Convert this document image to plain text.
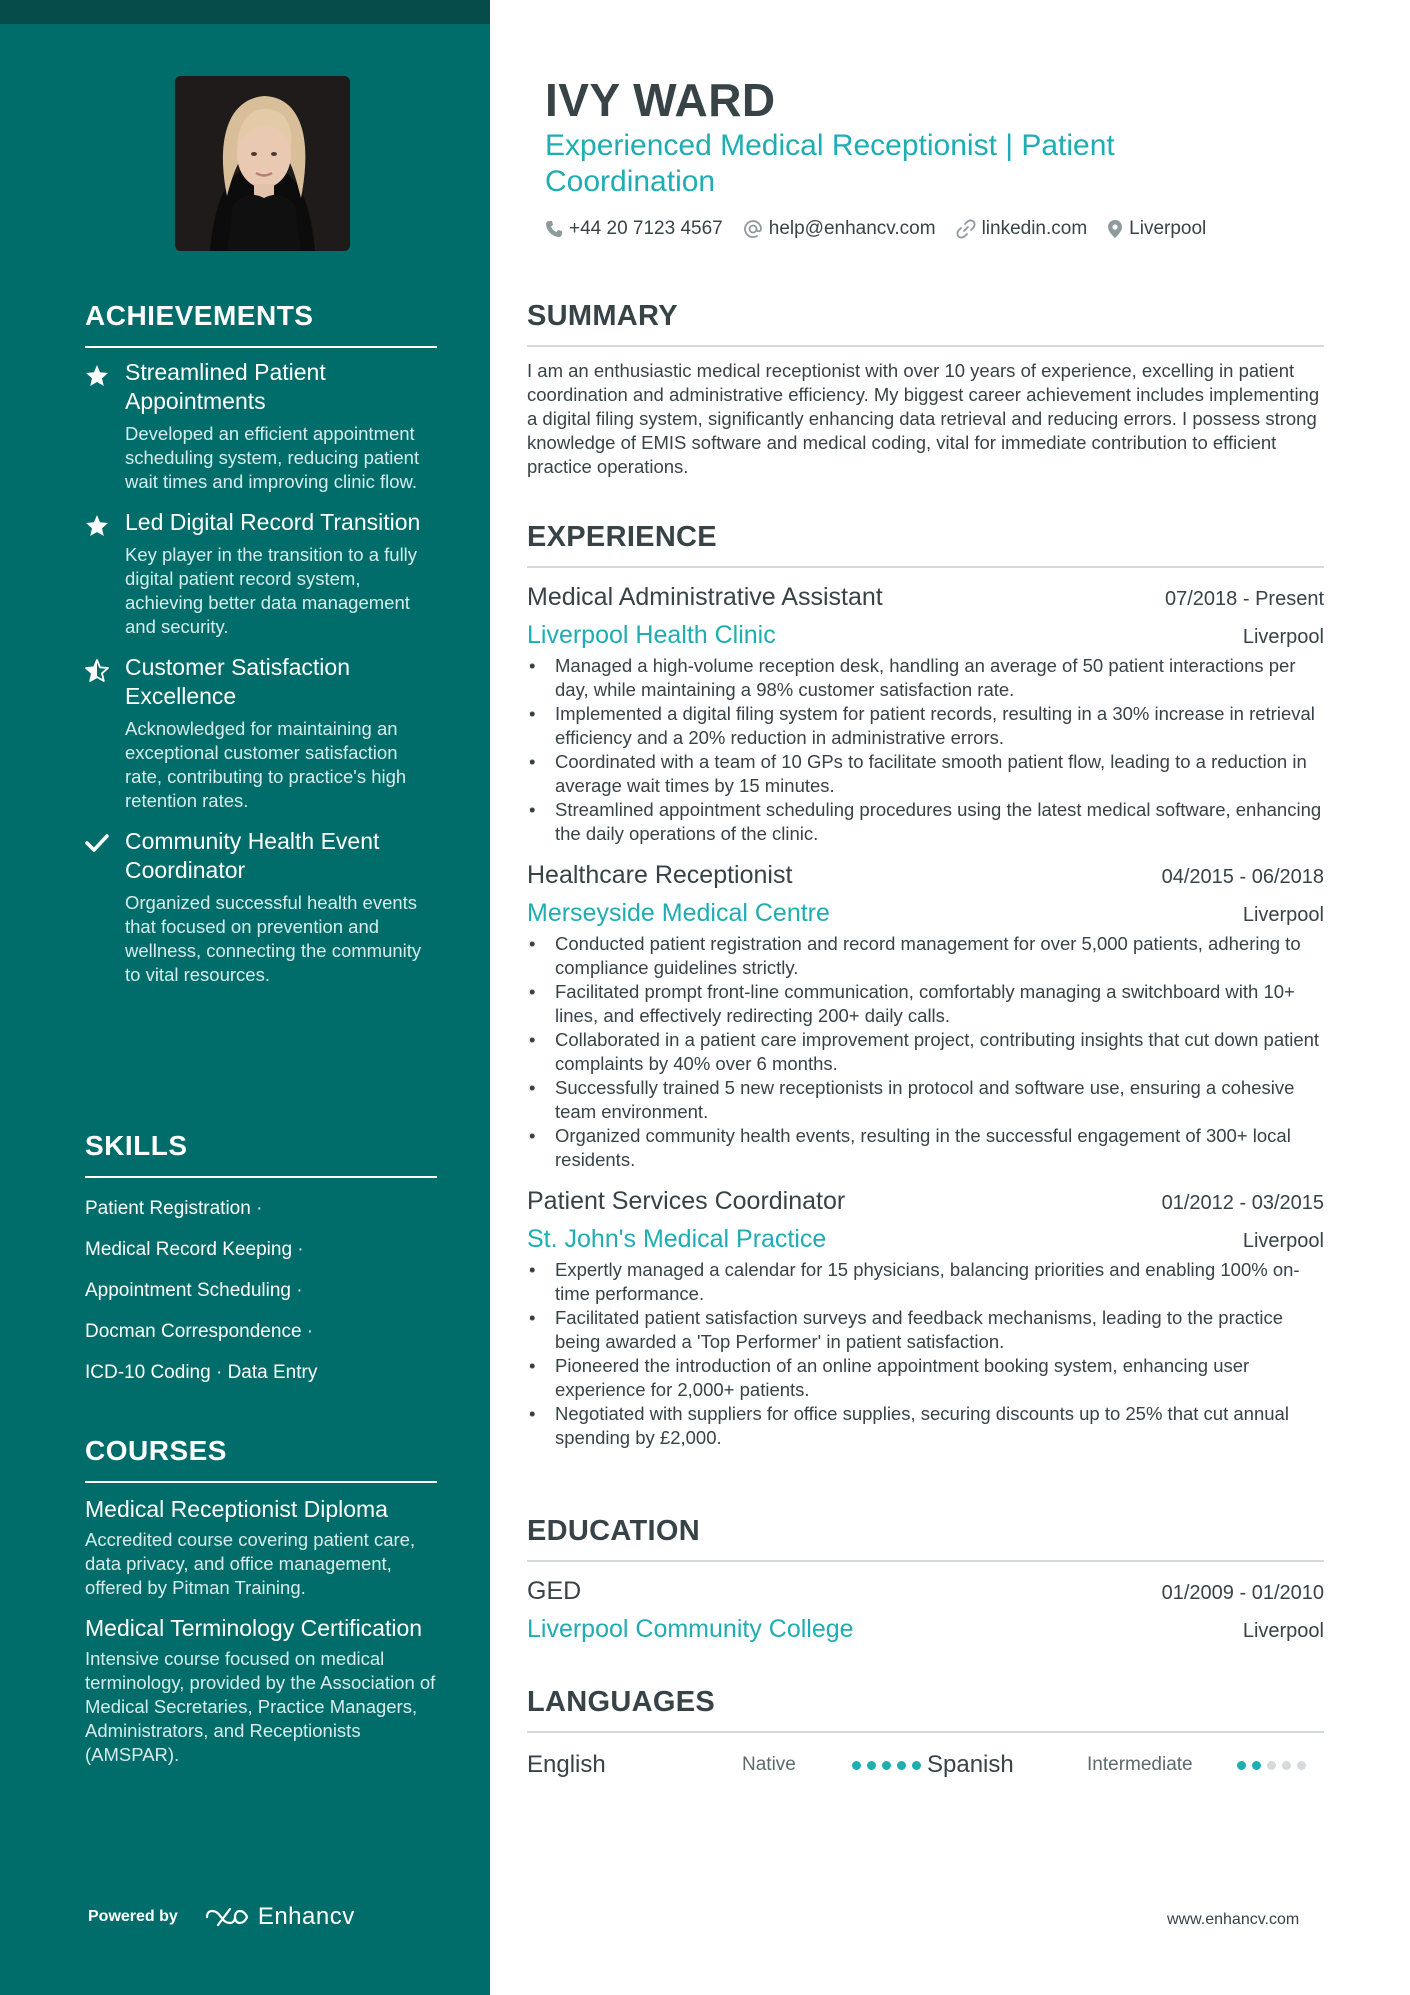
ACHIEVEMENTS
Streamlined Patient Appointments
Developed an efficient appointment scheduling system, reducing patient wait times and improving clinic flow.
Led Digital Record Transition
Key player in the transition to a fully digital patient record system, achieving better data management and security.
Customer Satisfaction Excellence
Acknowledged for maintaining an exceptional customer satisfaction rate, contributing to practice's high retention rates.
Community Health Event Coordinator
Organized successful health events that focused on prevention and wellness, connecting the community to vital resources.
SKILLS
Patient Registration ·
Medical Record Keeping ·
Appointment Scheduling ·
Docman Correspondence ·
ICD-10 Coding · Data Entry
COURSES
Medical Receptionist Diploma
Accredited course covering patient care, data privacy, and office management, offered by Pitman Training.
Medical Terminology Certification
Intensive course focused on medical terminology, provided by the Association of Medical Secretaries, Practice Managers, Administrators, and Receptionists (AMSPAR).
Powered by	Enhancv
IVY WARD
Experienced Medical Receptionist | Patient Coordination
+44 20 7123 4567 help@enhancv.com linkedin.com Liverpool
SUMMARY

I am an enthusiastic medical receptionist with over 10 years of experience, excelling in patient coordination and administrative efficiency. My biggest career achievement includes implementing a digital filing system, significantly enhancing data retrieval and reducing errors. I possess strong knowledge of EMIS software and medical coding, vital for immediate contribution to efficient practice operations.

EXPERIENCE
Medical Administrative Assistant	07/2018 - Present
Liverpool Health Clinic	Liverpool
• Managed a high-volume reception desk, handling an average of 50 patient interactions per day, while maintaining a 98% customer satisfaction rate.
• Implemented a digital filing system for patient records, resulting in a 30% increase in retrieval efficiency and a 20% reduction in administrative errors.
• Coordinated with a team of 10 GPs to facilitate smooth patient flow, leading to a reduction in average wait times by 15 minutes.
• Streamlined appointment scheduling procedures using the latest medical software, enhancing the daily operations of the clinic.
Healthcare Receptionist	04/2015 - 06/2018
Merseyside Medical Centre	Liverpool
• Conducted patient registration and record management for over 5,000 patients, adhering to compliance guidelines strictly.
• Facilitated prompt front-line communication, comfortably managing a switchboard with 10+ lines, and effectively redirecting 200+ daily calls.
• Collaborated in a patient care improvement project, contributing insights that cut down patient complaints by 40% over 6 months.
• Successfully trained 5 new receptionists in protocol and software use, ensuring a cohesive team environment.
• Organized community health events, resulting in the successful engagement of 300+ local residents.
Patient Services Coordinator	01/2012 - 03/2015
St. John's Medical Practice	Liverpool
• Expertly managed a calendar for 15 physicians, balancing priorities and enabling 100% on-time performance.
• Facilitated patient satisfaction surveys and feedback mechanisms, leading to the practice being awarded a 'Top Performer' in patient satisfaction.
• Pioneered the introduction of an online appointment booking system, enhancing user experience for 2,000+ patients.
• Negotiated with suppliers for office supplies, securing discounts up to 25% that cut annual spending by £2,000.
EDUCATION
GED	01/2009 - 01/2010
Liverpool Community College	Liverpool
LANGUAGES
English	Native	Spanish	Intermediate
www.enhancv.com
